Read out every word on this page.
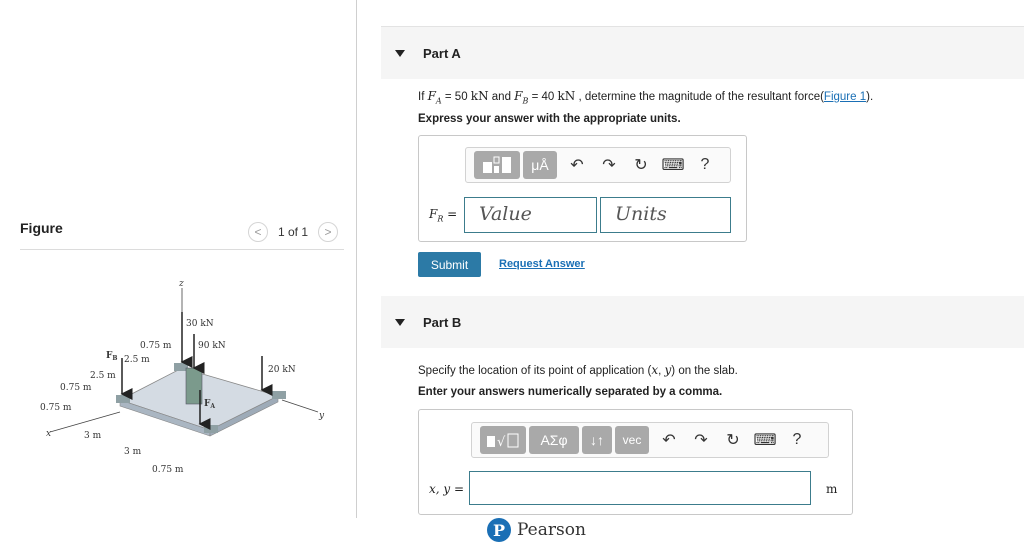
Figure	<	1 of 1	>
z
x
y
30 kN
90 kN
20 kN
$F_B$
$F_A$
0.75 m
2.5 m
2.5 m
0.75 m
0.75 m
3 m
3 m
0.75 m
Part A
If $F_A = 50$ kN and $F_B = 40$ kN , determine the magnitude of the resultant force(Figure 1).
Express your answer with the appropriate units.
μÅ	↶	↷	↻ ⌨	?
$F_R$ = Value	Units
Submit	Request Answer
Part B
Specify the location of its point of application (x, y) on the slab.
Enter your answers numerically separated by a comma.
√	ΑΣφ	↓↑	vec	↶	↷	↻ ⌨	?
x, y =	m
P Pearson
